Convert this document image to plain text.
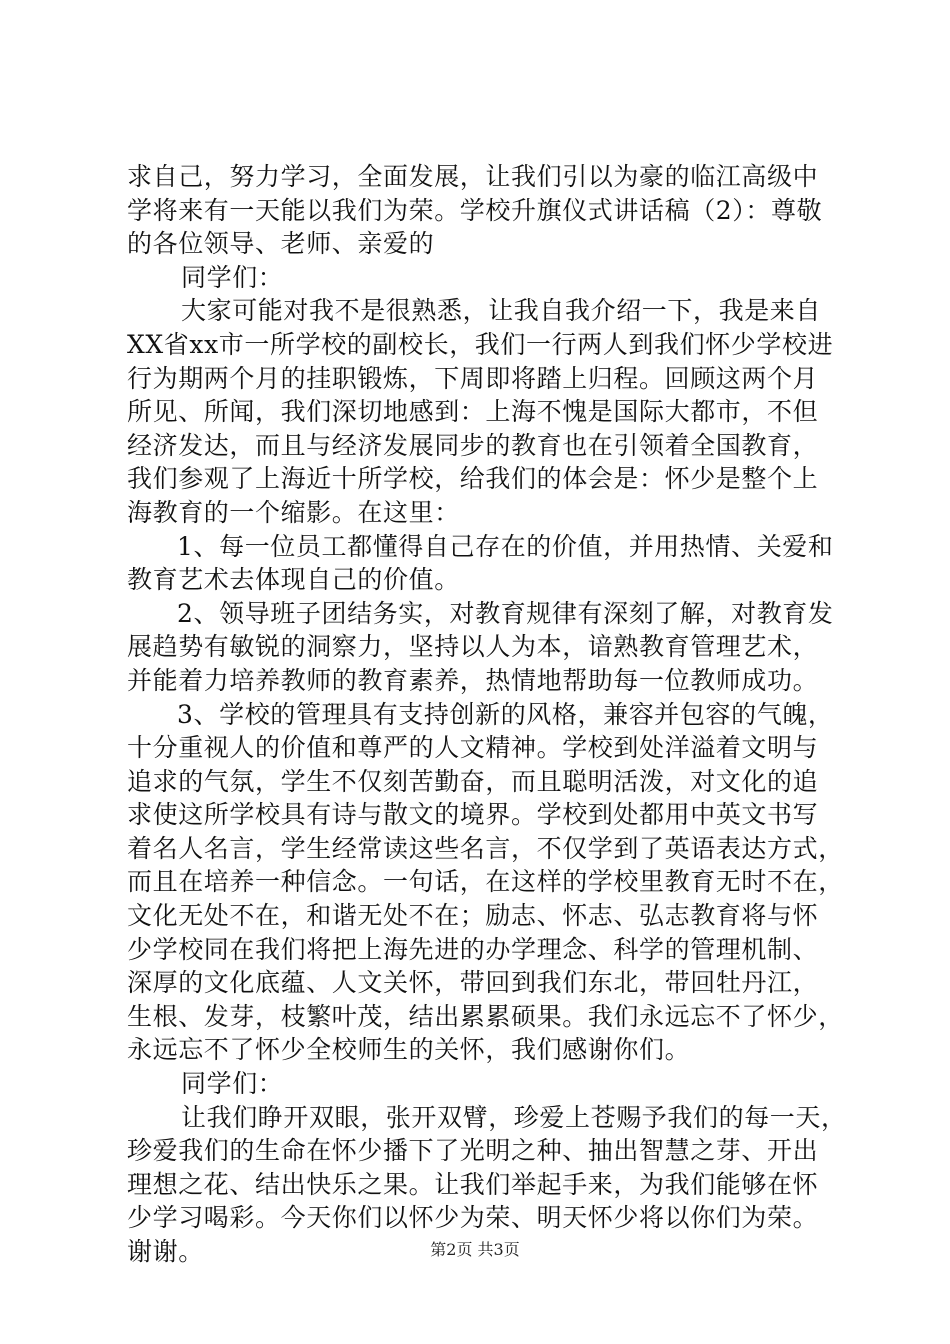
求自己，努力学习，全面发展，让我们引以为豪的临江高级中
学将来有一天能以我们为荣。学校升旗仪式讲话稿（2）：尊敬
的各位领导、老师、亲爱的
同学们：
大家可能对我不是很熟悉，让我自我介绍一下，我是来自
XX省xx市一所学校的副校长，我们一行两人到我们怀少学校进
行为期两个月的挂职锻炼，下周即将踏上归程。回顾这两个月
所见、所闻，我们深切地感到：上海不愧是国际大都市，不但
经济发达，而且与经济发展同步的教育也在引领着全国教育，
我们参观了上海近十所学校，给我们的体会是：怀少是整个上
海教育的一个缩影。在这里：
1、每一位员工都懂得自己存在的价值，并用热情、关爱和
教育艺术去体现自己的价值。
2、领导班子团结务实，对教育规律有深刻了解，对教育发
展趋势有敏锐的洞察力，坚持以人为本，谙熟教育管理艺术，
并能着力培养教师的教育素养，热情地帮助每一位教师成功。
3、学校的管理具有支持创新的风格，兼容并包容的气魄，
十分重视人的价值和尊严的人文精神。学校到处洋溢着文明与
追求的气氛，学生不仅刻苦勤奋，而且聪明活泼，对文化的追
求使这所学校具有诗与散文的境界。学校到处都用中英文书写
着名人名言，学生经常读这些名言，不仅学到了英语表达方式，
而且在培养一种信念。一句话，在这样的学校里教育无时不在，
文化无处不在，和谐无处不在；励志、怀志、弘志教育将与怀
少学校同在我们将把上海先进的办学理念、科学的管理机制、
深厚的文化底蕴、人文关怀，带回到我们东北，带回牡丹江，
生根、发芽，枝繁叶茂，结出累累硕果。我们永远忘不了怀少，
永远忘不了怀少全校师生的关怀，我们感谢你们。
同学们：
让我们睁开双眼，张开双臂，珍爱上苍赐予我们的每一天，
珍爱我们的生命在怀少播下了光明之种、抽出智慧之芽、开出
理想之花、结出快乐之果。让我们举起手来，为我们能够在怀
少学习喝彩。今天你们以怀少为荣、明天怀少将以你们为荣。
谢谢。	第2页 共3页
